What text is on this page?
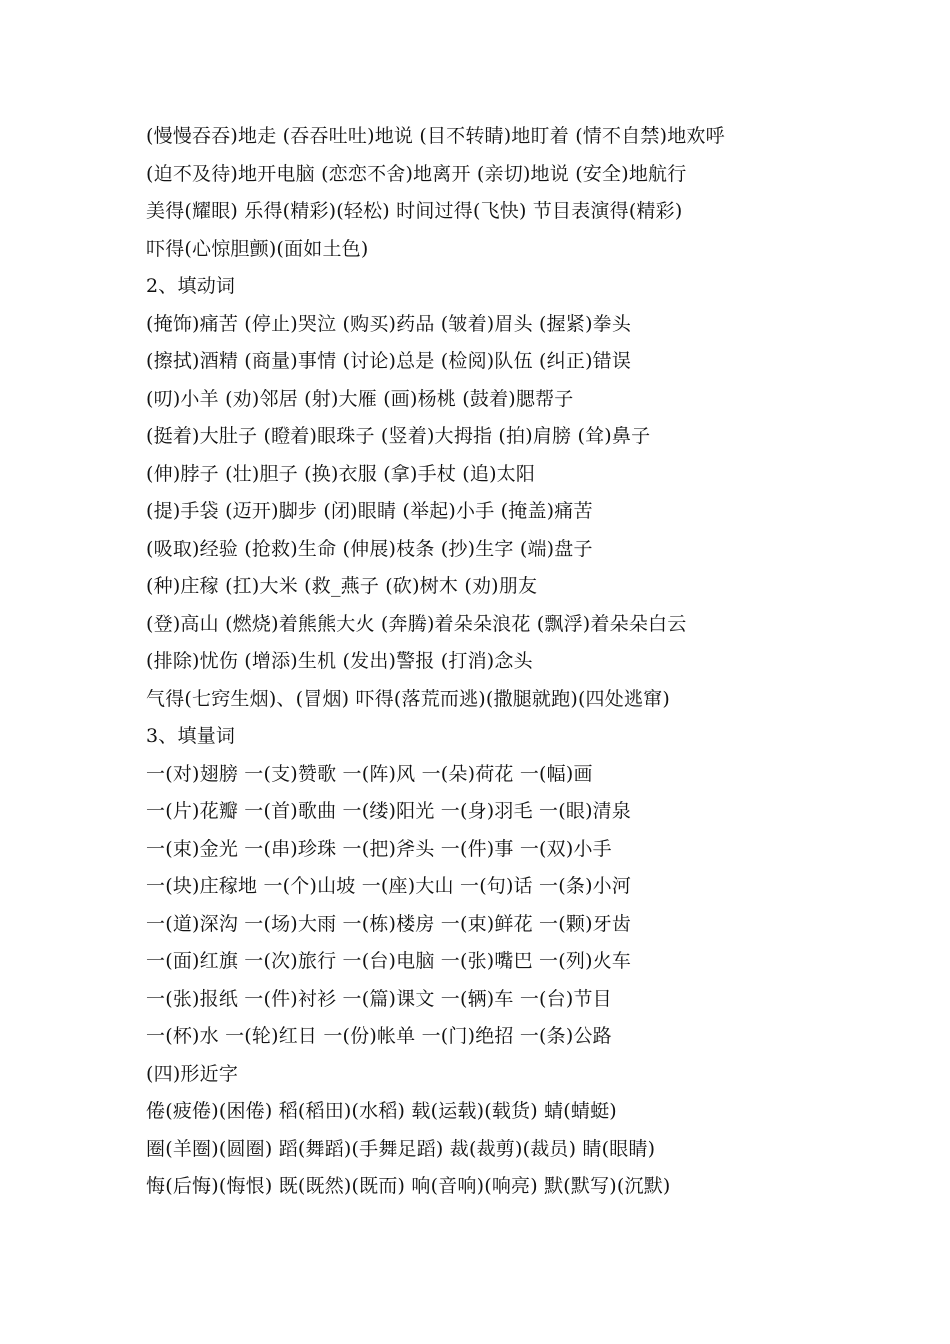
(慢慢吞吞)地走 (吞吞吐吐)地说 (目不转睛)地盯着 (情不自禁)地欢呼
(迫不及待)地开电脑 (恋恋不舍)地离开 (亲切)地说 (安全)地航行
美得(耀眼) 乐得(精彩)(轻松) 时间过得(飞快) 节目表演得(精彩)
吓得(心惊胆颤)(面如土色)
2、填动词
(掩饰)痛苦 (停止)哭泣 (购买)药品 (皱着)眉头 (握紧)拳头
(擦拭)酒精 (商量)事情 (讨论)总是 (检阅)队伍 (纠正)错误
(叨)小羊 (劝)邻居 (射)大雁 (画)杨桃 (鼓着)腮帮子
(挺着)大肚子 (瞪着)眼珠子 (竖着)大拇指 (拍)肩膀 (耸)鼻子
(伸)脖子 (壮)胆子 (换)衣服 (拿)手杖 (追)太阳
(提)手袋 (迈开)脚步 (闭)眼睛 (举起)小手 (掩盖)痛苦
(吸取)经验 (抢救)生命 (伸展)枝条 (抄)生字 (端)盘子
(种)庄稼 (扛)大米 (救_燕子 (砍)树木 (劝)朋友
(登)高山 (燃烧)着熊熊大火 (奔腾)着朵朵浪花 (飘浮)着朵朵白云
(排除)忧伤 (增添)生机 (发出)警报 (打消)念头
气得(七窍生烟)、(冒烟) 吓得(落荒而逃)(撒腿就跑)(四处逃窜)
3、填量词
一(对)翅膀 一(支)赞歌 一(阵)风 一(朵)荷花 一(幅)画
一(片)花瓣 一(首)歌曲 一(缕)阳光 一(身)羽毛 一(眼)清泉
一(束)金光 一(串)珍珠 一(把)斧头 一(件)事 一(双)小手
一(块)庄稼地 一(个)山坡 一(座)大山 一(句)话 一(条)小河
一(道)深沟 一(场)大雨 一(栋)楼房 一(束)鲜花 一(颗)牙齿
一(面)红旗 一(次)旅行 一(台)电脑 一(张)嘴巴 一(列)火车
一(张)报纸 一(件)衬衫 一(篇)课文 一(辆)车 一(台)节目
一(杯)水 一(轮)红日 一(份)帐单 一(门)绝招 一(条)公路
(四)形近字
倦(疲倦)(困倦) 稻(稻田)(水稻) 载(运载)(载货) 蜻(蜻蜓)
圈(羊圈)(圆圈) 蹈(舞蹈)(手舞足蹈) 裁(裁剪)(裁员) 睛(眼睛)
悔(后悔)(悔恨) 既(既然)(既而) 响(音响)(响亮) 默(默写)(沉默)
